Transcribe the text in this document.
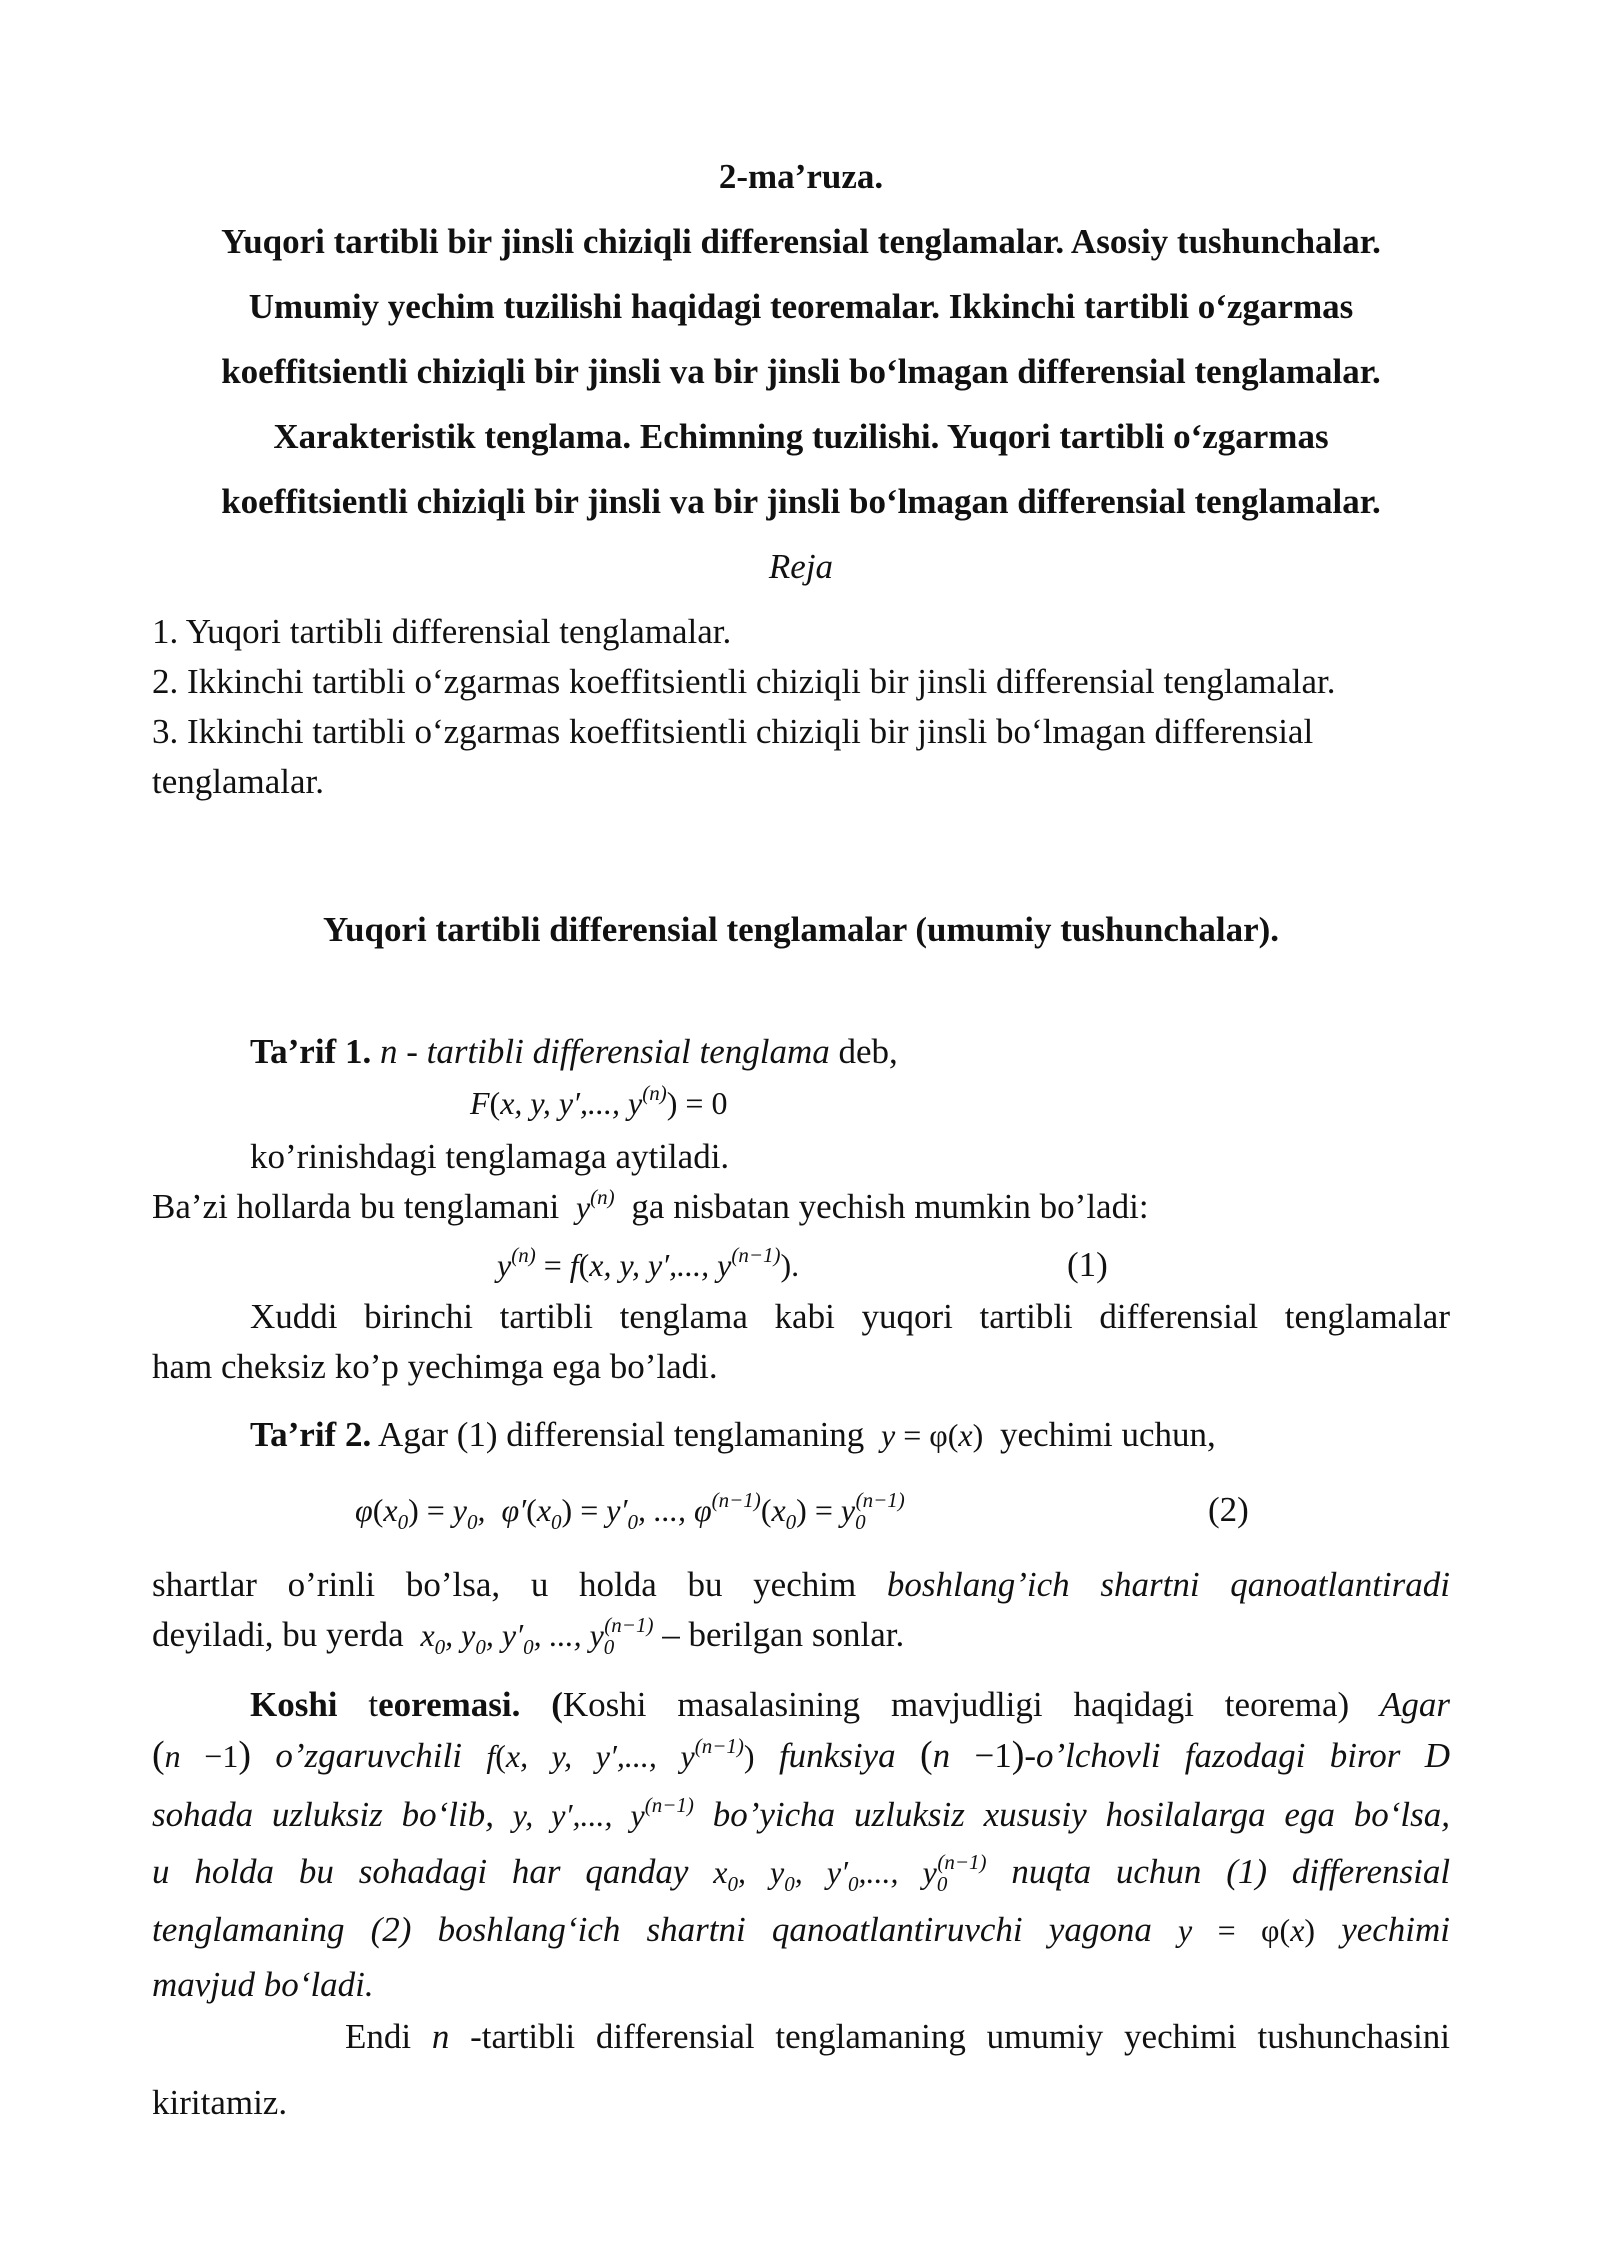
2-ma’ruza.
Yuqori tartibli bir jinsli chiziqli differensial tenglamalar. Asosiy tushunchalar.
Umumiy yechim tuzilishi haqidagi teoremalar. Ikkinchi tartibli o‘zgarmas
koeffitsientli chiziqli bir jinsli va bir jinsli bo‘lmagan differensial tenglamalar.
Xarakteristik tenglama. Echimning tuzilishi. Yuqori tartibli o‘zgarmas
koeffitsientli chiziqli bir jinsli va bir jinsli bo‘lmagan differensial tenglamalar.
Reja
1. Yuqori tartibli differensial tenglamalar.
2. Ikkinchi tartibli o‘zgarmas koeffitsientli chiziqli bir jinsli differensial tenglamalar.
3. Ikkinchi tartibli o‘zgarmas koeffitsientli chiziqli bir jinsli bo‘lmagan differensial
tenglamalar.
Yuqori tartibli differensial tenglamalar (umumiy tushunchalar).
Ta’rif 1. n - tartibli differensial tenglama deb,
F(x, y, y′,..., $y^{(n)}) = 0$
ko’rinishdagi tenglamaga aytiladi.
Ba’zi hollarda bu tenglamani  $y^{(n)}$ ga nisbatan yechish mumkin bo’ladi:
$y^{(n)} = f(x$, y, y′,..., $y^{(n-1)}$).	(1)
Xuddi birinchi tartibli tenglama kabi yuqori tartibli differensial tenglamalar
ham cheksiz ko’p yechimga ega bo’ladi.
Ta’rif 2. Agar (1) differensial tenglamaning  y = φ(x) yechimi uchun,
$\varphi(x_0) = y_0$,  $\varphi'(x_0) = y'_0$, ..., $\varphi^{(n-1)}(x_0) = y_0^{(n-1)}$	(2)
shartlar o’rinli bo’lsa, u holda bu yechim boshlang’ich shartni qanoatlantiradi
deyiladi, bu yerda  $x_0$, $y_0$, $y'_0$, ..., $y_0^{(n-1)}$ – berilgan sonlar.
Koshi teoremasi. (Koshi masalasining mavjudligi haqidagi teorema) Agar
(n −1) o’zgaruvchili f(x, y, y′,..., $y^{(n-1)}$) funksiya (n −1)-o’lchovli fazodagi biror D
sohada uzluksiz bo‘lib, y, y′,..., $y^{(n-1)}$ bo’yicha uzluksiz xususiy hosilalarga ega bo‘lsa,
u holda bu sohadagi har qanday $x_0$, $y_0$, $y'_0$,..., $y_0^{(n-1)}$ nuqta uchun (1) differensial
tenglamaning (2) boshlang‘ich shartni qanoatlantiruvchi yagona y = φ(x) yechimi
mavjud bo‘ladi.
Endi n -tartibli differensial tenglamaning umumiy yechimi tushunchasini
kiritamiz.
